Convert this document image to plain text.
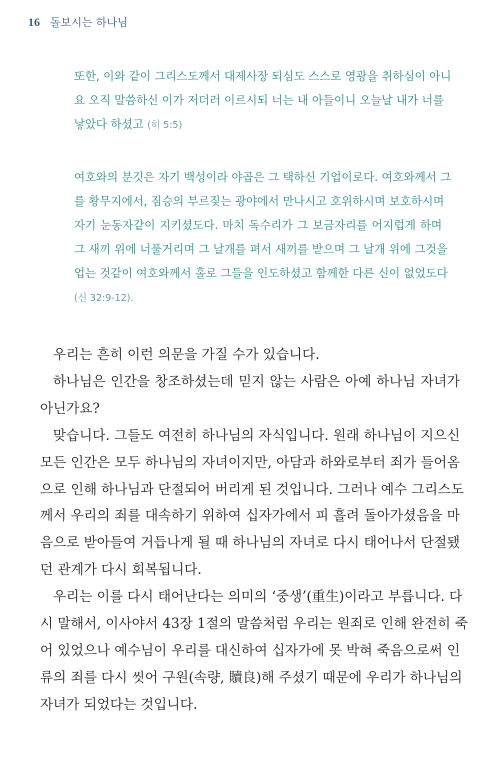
16 돌보시는 하나님
또한, 이와 같이 그리스도께서 대제사장 되심도 스스로 영광을 취하심이 아니
요 오직 말씀하신 이가 저더러 이르시되 너는 내 아들이니 오늘날 내가 너를
낳았다 하셨고 (히 5:5)
여호와의 분깃은 자기 백성이라 야곱은 그 택하신 기업이로다. 여호와께서 그
를 황무지에서, 짐승의 부르짖는 광야에서 만나시고 호위하시며 보호하시며
자기 눈동자같이 지키셨도다. 마치 독수리가 그 보금자리를 어지럽게 하며
그 새끼 위에 너풀거리며 그 날개를 펴서 새끼를 받으며 그 날개 위에 그것을
업는 것같이 여호와께서 홀로 그들을 인도하셨고 함께한 다른 신이 없었도다
(신 32:9-12).
우리는 흔히 이런 의문을 가질 수가 있습니다.
하나님은 인간을 창조하셨는데 믿지 않는 사람은 아예 하나님 자녀가
아닌가요?
맞습니다. 그들도 여전히 하나님의 자식입니다. 원래 하나님이 지으신
모든 인간은 모두 하나님의 자녀이지만, 아담과 하와로부터 죄가 들어옴
으로 인해 하나님과 단절되어 버리게 된 것입니다. 그러나 예수 그리스도
께서 우리의 죄를 대속하기 위하여 십자가에서 피 흘려 돌아가셨음을 마
음으로 받아들여 거듭나게 될 때 하나님의 자녀로 다시 태어나서 단절됐
던 관계가 다시 회복됩니다.
우리는 이를 다시 태어난다는 의미의 ‘중생’(重生)이라고 부릅니다. 다
시 말해서, 이사야서 43장 1절의 말씀처럼 우리는 원죄로 인해 완전히 죽
어 있었으나 예수님이 우리를 대신하여 십자가에 못 박혀 죽음으로써 인
류의 죄를 다시 씻어 구원(속량, 贖良)해 주셨기 때문에 우리가 하나님의
자녀가 되었다는 것입니다.
